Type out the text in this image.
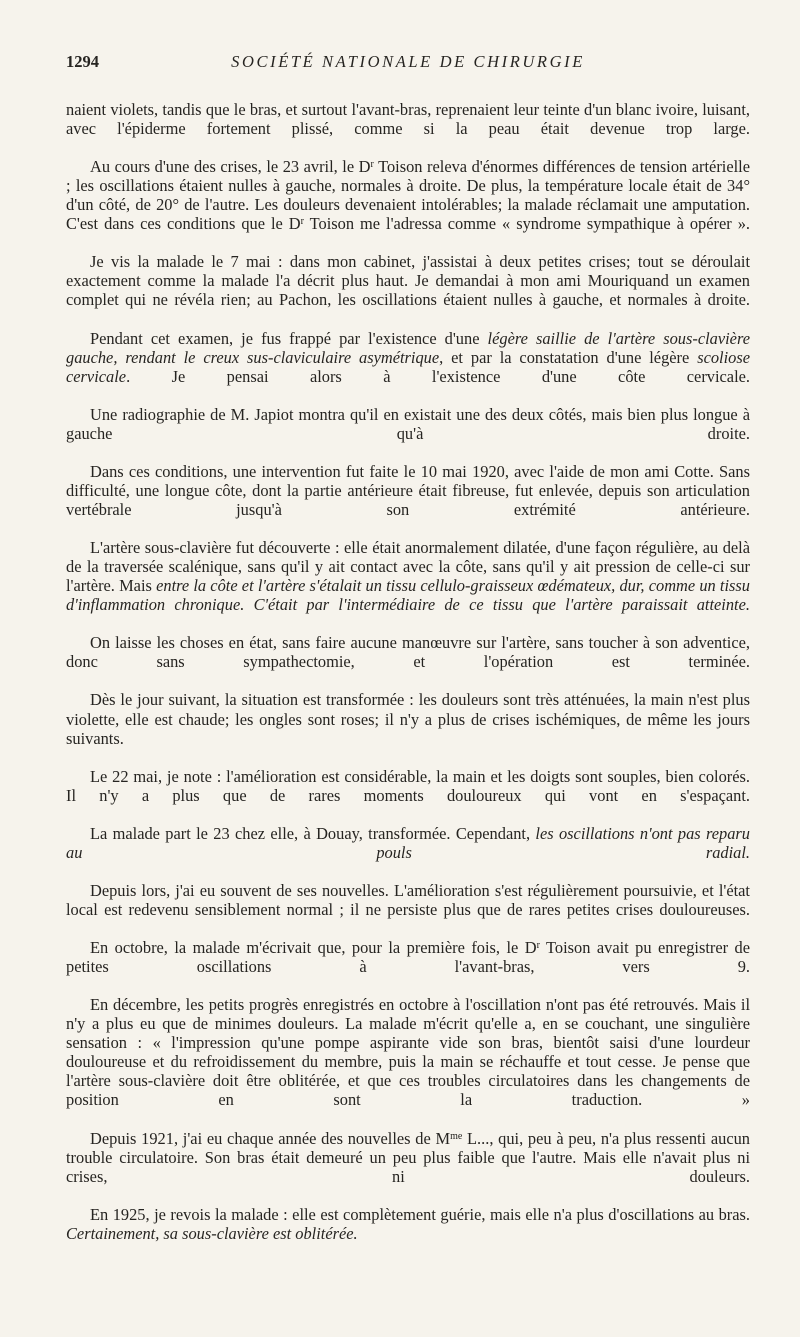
1294	SOCIÉTÉ NATIONALE DE CHIRURGIE

naient violets, tandis que le bras, et surtout l'avant-bras, reprenaient leur teinte d'un blanc ivoire, luisant, avec l'épiderme fortement plissé, comme si la peau était devenue trop large.

Au cours d'une des crises, le 23 avril, le $D^r$ Toison releva d'énormes différences de tension artérielle ; les oscillations étaient nulles à gauche, normales à droite. De plus, la température locale était de 34° d'un côté, de 20° de l'autre. Les douleurs devenaient intolérables; la malade réclamait une amputation. C'est dans ces conditions que le $D^r$ Toison me l'adressa comme « syndrome sympathique à opérer ».

Je vis la malade le 7 mai : dans mon cabinet, j'assistai à deux petites crises; tout se déroulait exactement comme la malade l'a décrit plus haut. Je demandai à mon ami Mouriquand un examen complet qui ne révéla rien; au Pachon, les oscillations étaient nulles à gauche, et normales à droite.

Pendant cet examen, je fus frappé par l'existence d'une légère saillie de l'artère sous-clavière gauche, rendant le creux sus-claviculaire asymétrique, et par la constatation d'une légère scoliose cervicale. Je pensai alors à l'existence d'une côte cervicale.

Une radiographie de M. Japiot montra qu'il en existait une des deux côtés, mais bien plus longue à gauche qu'à droite.

Dans ces conditions, une intervention fut faite le 10 mai 1920, avec l'aide de mon ami Cotte. Sans difficulté, une longue côte, dont la partie antérieure était fibreuse, fut enlevée, depuis son articulation vertébrale jusqu'à son extrémité antérieure.

L'artère sous-clavière fut découverte : elle était anormalement dilatée, d'une façon régulière, au delà de la traversée scalénique, sans qu'il y ait contact avec la côte, sans qu'il y ait pression de celle-ci sur l'artère. Mais entre la côte et l'artère s'étalait un tissu cellulo-graisseux œdémateux, dur, comme un tissu d'inflammation chronique. C'était par l'intermédiaire de ce tissu que l'artère paraissait atteinte.

On laisse les choses en état, sans faire aucune manœuvre sur l'artère, sans toucher à son adventice, donc sans sympathectomie, et l'opération est terminée.

Dès le jour suivant, la situation est transformée : les douleurs sont très atténuées, la main n'est plus violette, elle est chaude; les ongles sont roses; il n'y a plus de crises ischémiques, de même les jours suivants.

Le 22 mai, je note : l'amélioration est considérable, la main et les doigts sont souples, bien colorés. Il n'y a plus que de rares moments douloureux qui vont en s'espaçant.

La malade part le 23 chez elle, à Douay, transformée. Cependant, les oscillations n'ont pas reparu au pouls radial.

Depuis lors, j'ai eu souvent de ses nouvelles. L'amélioration s'est régulièrement poursuivie, et l'état local est redevenu sensiblement normal ; il ne persiste plus que de rares petites crises douloureuses.

En octobre, la malade m'écrivait que, pour la première fois, le $D^r$ Toison avait pu enregistrer de petites oscillations à l'avant-bras, vers 9.

En décembre, les petits progrès enregistrés en octobre à l'oscillation n'ont pas été retrouvés. Mais il n'y a plus eu que de minimes douleurs. La malade m'écrit qu'elle a, en se couchant, une singulière sensation : « l'impression qu'une pompe aspirante vide son bras, bientôt saisi d'une lourdeur douloureuse et du refroidissement du membre, puis la main se réchauffe et tout cesse. Je pense que l'artère sous-clavière doit être oblitérée, et que ces troubles circulatoires dans les changements de position en sont la traduction. »

Depuis 1921, j'ai eu chaque année des nouvelles de $M^{me}$ L..., qui, peu à peu, n'a plus ressenti aucun trouble circulatoire. Son bras était demeuré un peu plus faible que l'autre. Mais elle n'avait plus ni crises, ni douleurs.

En 1925, je revois la malade : elle est complètement guérie, mais elle n'a plus d'oscillations au bras. Certainement, sa sous-clavière est oblitérée.
